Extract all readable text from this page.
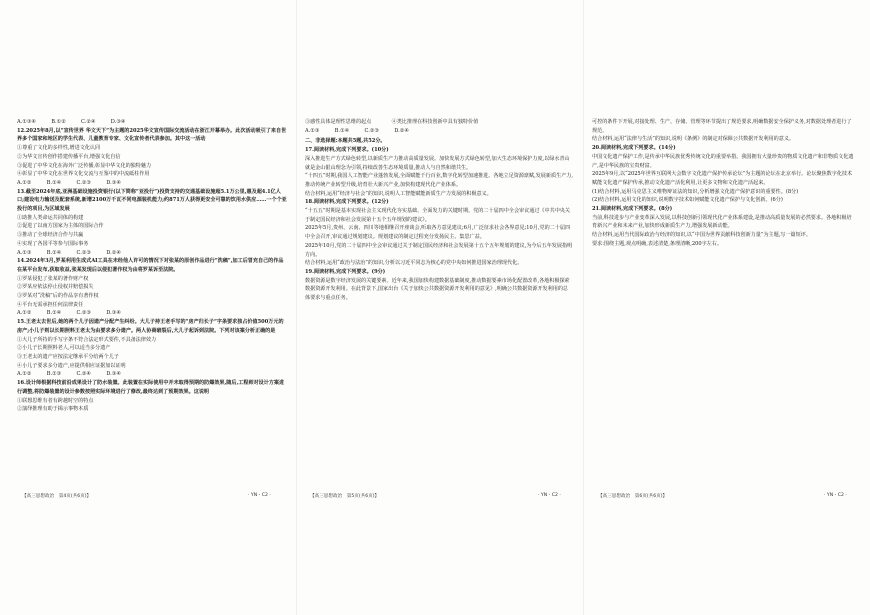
A.①③④　　　B.①②　　　C.②④　　　D.③④

12.2025年8月,以“宣传世界 华文天下”为主题的2025华文宣传国际交流活动在浙江开幕举办。此次活动吸引了来自世界多个国家和地区的学生代表、儿童教育专家、文化宣传者代表参加。其中这一活动

①尊重了文化的多样性,增进文化认同

②为华文宣传创作搭建传播平台,增强文化自信

③促进了中华文化在海外广泛传播,彰显中华文化的独特魅力

④彰显了中华文化在世界文化交流与互鉴中的中流砥柱作用

A.①②　　　B.①④　　　C.②③　　　D.③④

13.截至2024年底,亚洲基础设施投资银行(以下简称“亚投行”)投资支持的交通基础设施超5.1万公里,惠及超4.1亿人口;建设电力输送及配套系统,新增2100万千瓦不同电源装机能力;约871万人获得更安全可靠的饮用水供应……一个个亚投行的项目,为区域发展

①助推人类命运共同体的构建

②促进了以南方国家为主体的国际合作

③推动了全球经济合作与共赢

④实现了各国平等参与国际事务

A.①③　　　B.①④　　　C.②③　　　D.②④

14.2024年3月,罗某利用生成式AI工具在未经他人许可的情况下对张某的原创作品进行“洗稿”,加工后冒充自己的作品在某平台发布,获取收益,张某发现后以侵犯著作权为由将罗某诉至法院。

①罗某侵犯了张某的著作财产权

②罗某应依法停止侵权并赔偿损失

③罗某对“洗稿”后的作品享有著作权

④平台无需承担任何法律责任

A.①②　　　B.①④　　　C.②③　　　D.③④

15.王老太去世后,她的两个儿子因遗产分配产生纠纷。大儿子持王老手写的“房产归长子”字条要求独占价值500万元的房产;小儿子则以长期照料王老太为由要求多分遗产。两人协商破裂后,大儿子起诉到法院。下列对该案分析正确的是

①大儿子所持的手写字条不符合法定形式要件,不具备法律效力

②小儿子长期照料老人,可以适当多分遗产

③王老太的遗产应按法定继承平分给两个儿子

④小儿子要求多分遗产,应提供相应证据加以证明

A.①②　　　B.①③　　　C.②④　　　D.③④

16.设计师根据科技前沿成果设计了防水装置。此装置在实际使用中并未取得预期的防爆效果,随后,工程师对设计方案进行调整,将防爆装置的设计参数按照实际环境进行了修改,最终达到了预期效果。这说明

①联想思维有者有跨越时空的特点

②演绎推理有助于揭示事物本质

③感性具体是理性思维的起点　　　　④类比推理在科技创新中具有独特价值

A.①③　　　B.①④　　　C.②③　　　D.②④

二、非选择题:本题共5题,共52分。

17.阅读材料,完成下列要求。(10分)

深入推进生产方式绿色转型,以新质生产力推动高质量发展。加快发展方式绿色转型,加大生态环境保护力度,以绿水青山就是金山银山理念为引领,持续改善生态环境质量,推动人与自然和谐共生。

“十四五”时期,我国人工智能产业蓬勃发展,全面赋能千行百业,数字化转型加速推进。各地立足资源禀赋,发展新质生产力,推动传统产业转型升级,培育壮大新兴产业,加快构建现代化产业体系。

结合材料,运用“经济与社会”的知识,说明人工智能赋能新质生产力发展的积极意义。

18.阅读材料,完成下列要求。(12分)

“十五五”时期是基本实现社会主义现代化夯实基础、全面发力的关键时期。党的二十届四中全会审议通过《中共中央关于制定国民经济和社会发展第十五个五年规划的建议》。

2025年5月,贵州、云南、四川等地相继召开座谈会,听取各方意见建议;6月,广泛征求社会各界意见;10月,党的二十届四中全会召开,审议通过规划建议。规划建议的制定过程充分发扬民主、集思广益。

2025年10月,党的二十届四中全会审议通过关于制定国民经济和社会发展第十五个五年规划的建议,为今后五年发展指明方向。

结合材料,运用“政治与法治”的知识,分析以习近平同志为核心的党中央如何推进国家治理现代化。

19.阅读材料,完成下列要求。(9分)

数据资源是数字经济发展的关键要素。近年来,我国加快构建数据基础制度,推动数据要素市场化配置改革,各地积极探索数据资源开发利用。在此背景下,国家出台《关于加快公共数据资源开发利用的意见》,明确公共数据资源开发利用的总体要求与重点任务。

可控的条件下开展,对接处理、生产、存储、管理等环节提出了规范要求,明确数据安全保护义务,对数据处理者进行了规范。

结合材料,运用“法律与生活”的知识,说明《条例》的制定对保障公共数据开发利用的意义。

20.阅读材料,完成下列要求。(14分)

中国文化遗产保护工作,是传承中华民族优秀传统文化的重要举措。我国拥有大量珍贵的物质文化遗产和非物质文化遗产,是中华民族的宝贵财富。

2025年9月,以“2025年世界互联网大会数字文化遗产保护传承论坛”为主题的论坛在北京举行。论坛聚焦数字化技术赋能文化遗产保护传承,推动文化遗产活化利用,让更多文物和文化遗产活起来。

(1)结合材料,运用马克思主义唯物辩证法的知识,分析增强文化遗产保护意识的重要性。(8分)

(2)结合材料,运用文化的知识,说明数字技术如何赋能文化遗产保护与文化创新。(6分)

21.阅读材料,完成下列要求。(8分)

当前,科技进步与产业变革深入发展,以科技创新引领现代化产业体系建设,是推动高质量发展的必然要求。各地积极培育新兴产业和未来产业,加快形成新质生产力,增强发展新动能。

结合材料,运用当代国际政治与经济的知识,以“中国为世界贡献科技创新力量”为主题,写一篇短评。

要求:围绕主题,观点明确,表述清楚,条理清晰,200字左右。

【高三思想政治　第4页(共6页)】	· YN - C2 ·	【高三思想政治　第5页(共6页)】	· YN - C2 ·	【高三思想政治　第6页(共6页)】	· YN - C2 ·
